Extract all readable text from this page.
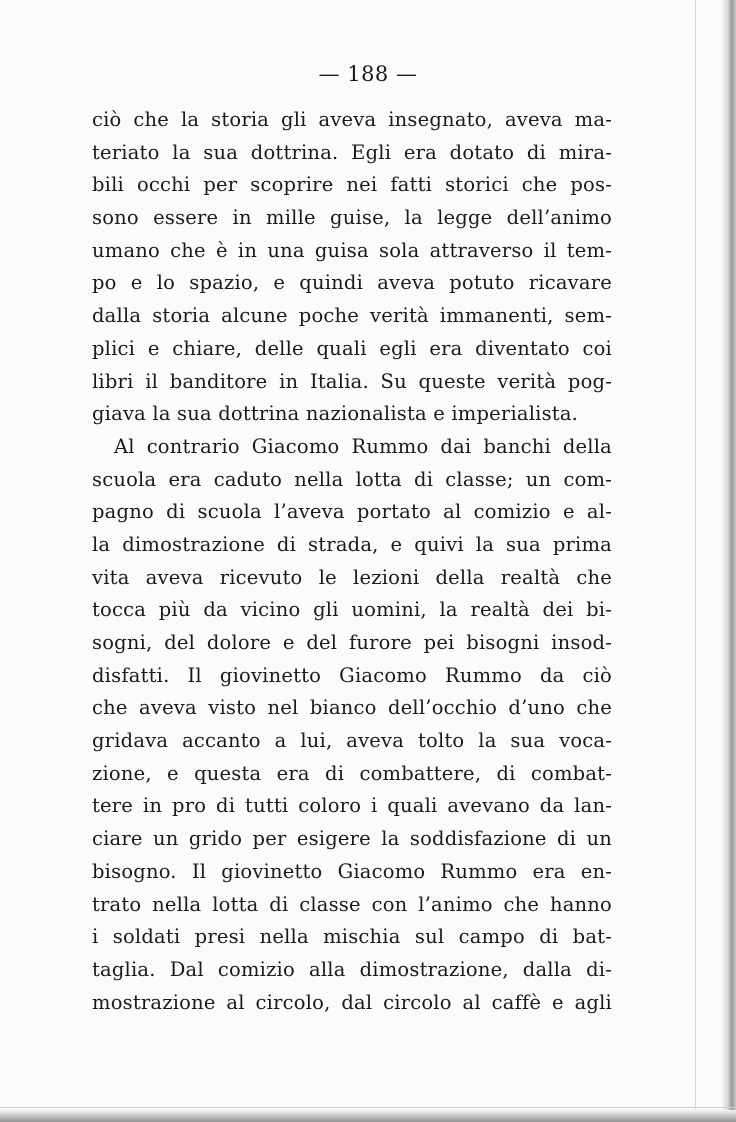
— 188 —
ciò che la storia gli aveva insegnato, aveva ma-
teriato la sua dottrina. Egli era dotato di mira-
bili occhi per scoprire nei fatti storici che pos-
sono essere in mille guise, la legge dell’animo
umano che è in una guisa sola attraverso il tem-
po e lo spazio, e quindi aveva potuto ricavare
dalla storia alcune poche verità immanenti, sem-
plici e chiare, delle quali egli era diventato coi
libri il banditore in Italia. Su queste verità pog-
giava la sua dottrina nazionalista e imperialista.
Al contrario Giacomo Rummo dai banchi della
scuola era caduto nella lotta di classe; un com-
pagno di scuola l’aveva portato al comizio e al-
la dimostrazione di strada, e quivi la sua prima
vita aveva ricevuto le lezioni della realtà che
tocca più da vicino gli uomini, la realtà dei bi-
sogni, del dolore e del furore pei bisogni insod-
disfatti. Il giovinetto Giacomo Rummo da ciò
che aveva visto nel bianco dell’occhio d’uno che
gridava accanto a lui, aveva tolto la sua voca-
zione, e questa era di combattere, di combat-
tere in pro di tutti coloro i quali avevano da lan-
ciare un grido per esigere la soddisfazione di un
bisogno. Il giovinetto Giacomo Rummo era en-
trato nella lotta di classe con l’animo che hanno
i soldati presi nella mischia sul campo di bat-
taglia. Dal comizio alla dimostrazione, dalla di-
mostrazione al circolo, dal circolo al caffè e agli
